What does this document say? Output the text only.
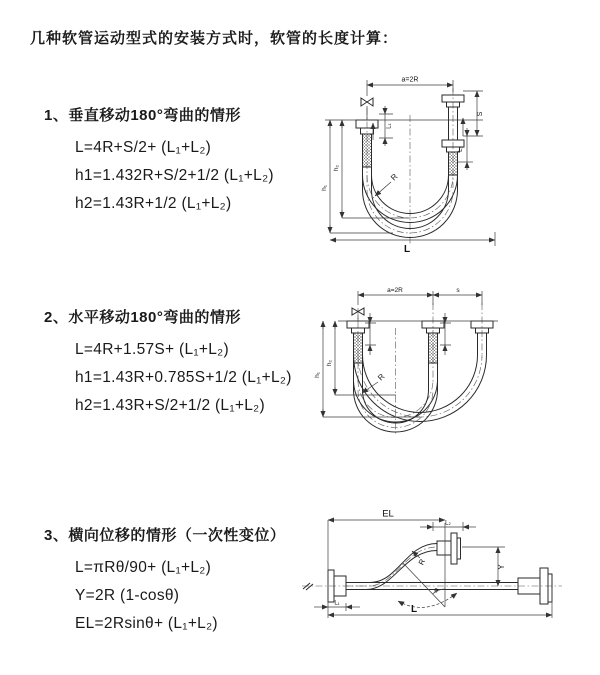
几种软管运动型式的安装方式时，软管的长度计算：
1、垂直移动180°弯曲的情形
L=4R+S/2+ (L₁+L₂)
h1=1.432R+S/2+1/2 (L₁+L₂)
h2=1.43R+1/2 (L₁+L₂)
2、水平移动180°弯曲的情形
L=4R+1.57S+ (L₁+L₂)
h1=1.43R+0.785S+1/2 (L₁+L₂)
h2=1.43R+S/2+1/2 (L₁+L₂)
3、横向位移的情形（一次性变位）
L=πRθ/90+ (L₁+L₂)
Y=2R (1-cosθ)
EL=2Rsinθ+ (L₁+L₂)
a=2R
L₁
S
L₂
h₁
h₂
R
L
a=2R	s
h₁
h₂
R
EL
L₂
Y
R
θ
L₁
L
